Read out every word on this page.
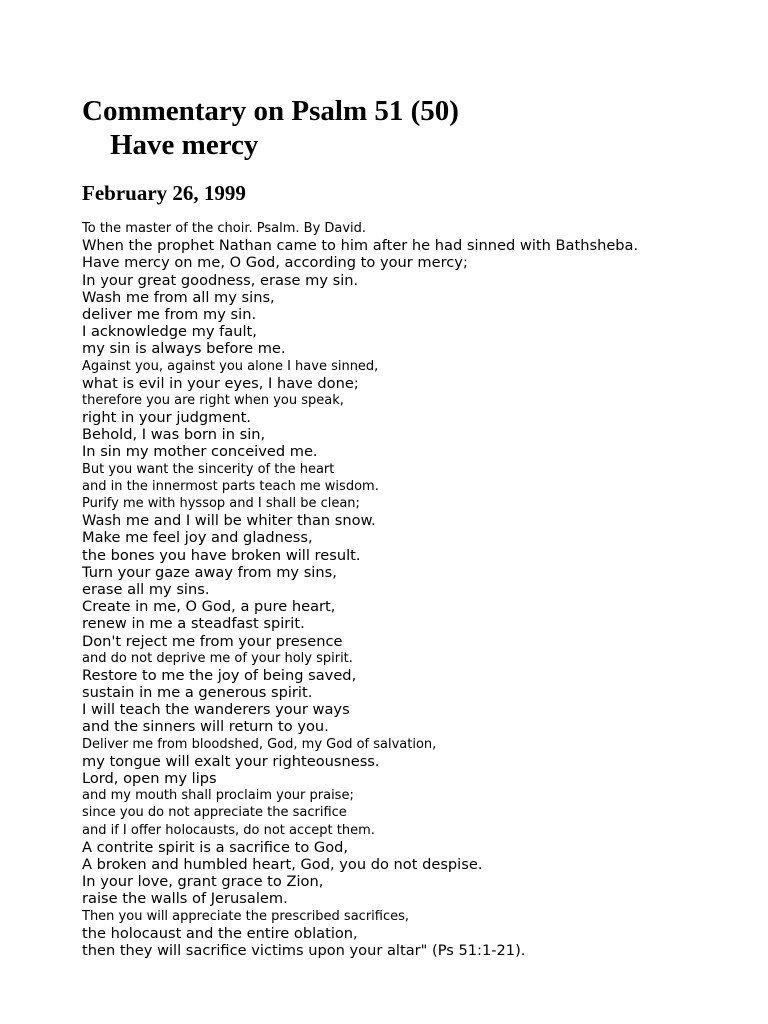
Commentary on Psalm 51 (50)
Have mercy
February 26, 1999
To the master of the choir. Psalm. By David.
When the prophet Nathan came to him after he had sinned with Bathsheba.
Have mercy on me, O God, according to your mercy;
In your great goodness, erase my sin.
Wash me from all my sins,
deliver me from my sin.
I acknowledge my fault,
my sin is always before me.
Against you, against you alone I have sinned,
what is evil in your eyes, I have done;
therefore you are right when you speak,
right in your judgment.
Behold, I was born in sin,
In sin my mother conceived me.
But you want the sincerity of the heart
and in the innermost parts teach me wisdom.
Purify me with hyssop and I shall be clean;
Wash me and I will be whiter than snow.
Make me feel joy and gladness,
the bones you have broken will result.
Turn your gaze away from my sins,
erase all my sins.
Create in me, O God, a pure heart,
renew in me a steadfast spirit.
Don't reject me from your presence
and do not deprive me of your holy spirit.
Restore to me the joy of being saved,
sustain in me a generous spirit.
I will teach the wanderers your ways
and the sinners will return to you.
Deliver me from bloodshed, God, my God of salvation,
my tongue will exalt your righteousness.
Lord, open my lips
and my mouth shall proclaim your praise;
since you do not appreciate the sacrifice
and if I offer holocausts, do not accept them.
A contrite spirit is a sacrifice to God,
A broken and humbled heart, God, you do not despise.
In your love, grant grace to Zion,
raise the walls of Jerusalem.
Then you will appreciate the prescribed sacrifices,
the holocaust and the entire oblation,
then they will sacrifice victims upon your altar" (Ps 51:1-21).
